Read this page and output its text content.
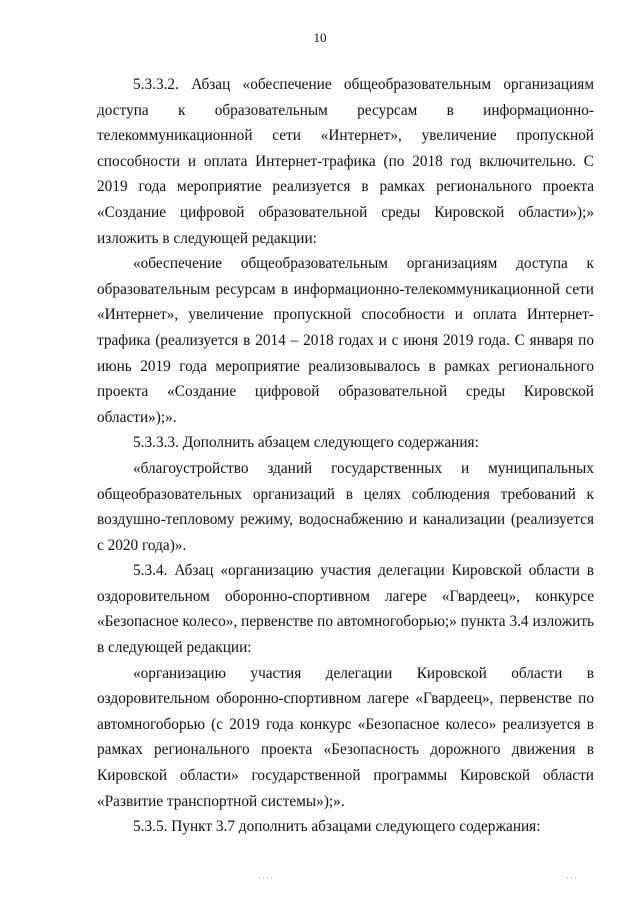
10

5.3.3.2. Абзац «обеспечение общеобразовательным организациям доступа к образовательным ресурсам в информационно-телекоммуникационной сети «Интернет», увеличение пропускной способности и оплата Интернет-трафика (по 2018 год включительно. С 2019 года мероприятие реализуется в рамках регионального проекта «Создание цифровой образовательной среды Кировской области»);» изложить в следующей редакции:

«обеспечение общеобразовательным организациям доступа к образовательным ресурсам в информационно-телекоммуникационной сети «Интернет», увеличение пропускной способности и оплата Интернет-трафика (реализуется в 2014 – 2018 годах и с июня 2019 года. С января по июнь 2019 года мероприятие реализовывалось в рамках регионального проекта «Создание цифровой образовательной среды Кировской области»);».

5.3.3.3. Дополнить абзацем следующего содержания:

«благоустройство зданий государственных и муниципальных общеобразовательных организаций в целях соблюдения требований к воздушно-тепловому режиму, водоснабжению и канализации (реализуется с 2020 года)».

5.3.4. Абзац «организацию участия делегации Кировской области в оздоровительном оборонно-спортивном лагере «Гвардеец», конкурсе «Безопасное колесо», первенстве по автомногоборью;» пункта 3.4 изложить в следующей редакции:

«организацию участия делегации Кировской области в оздоровительном оборонно-спортивном лагере «Гвардеец», первенстве по автомногоборью (с 2019 года конкурс «Безопасное колесо» реализуется в рамках регионального проекта «Безопасность дорожного движения в Кировской области» государственной программы Кировской области «Развитие транспортной системы»);».

5.3.5. Пункт 3.7 дополнить абзацами следующего содержания:

····	···
